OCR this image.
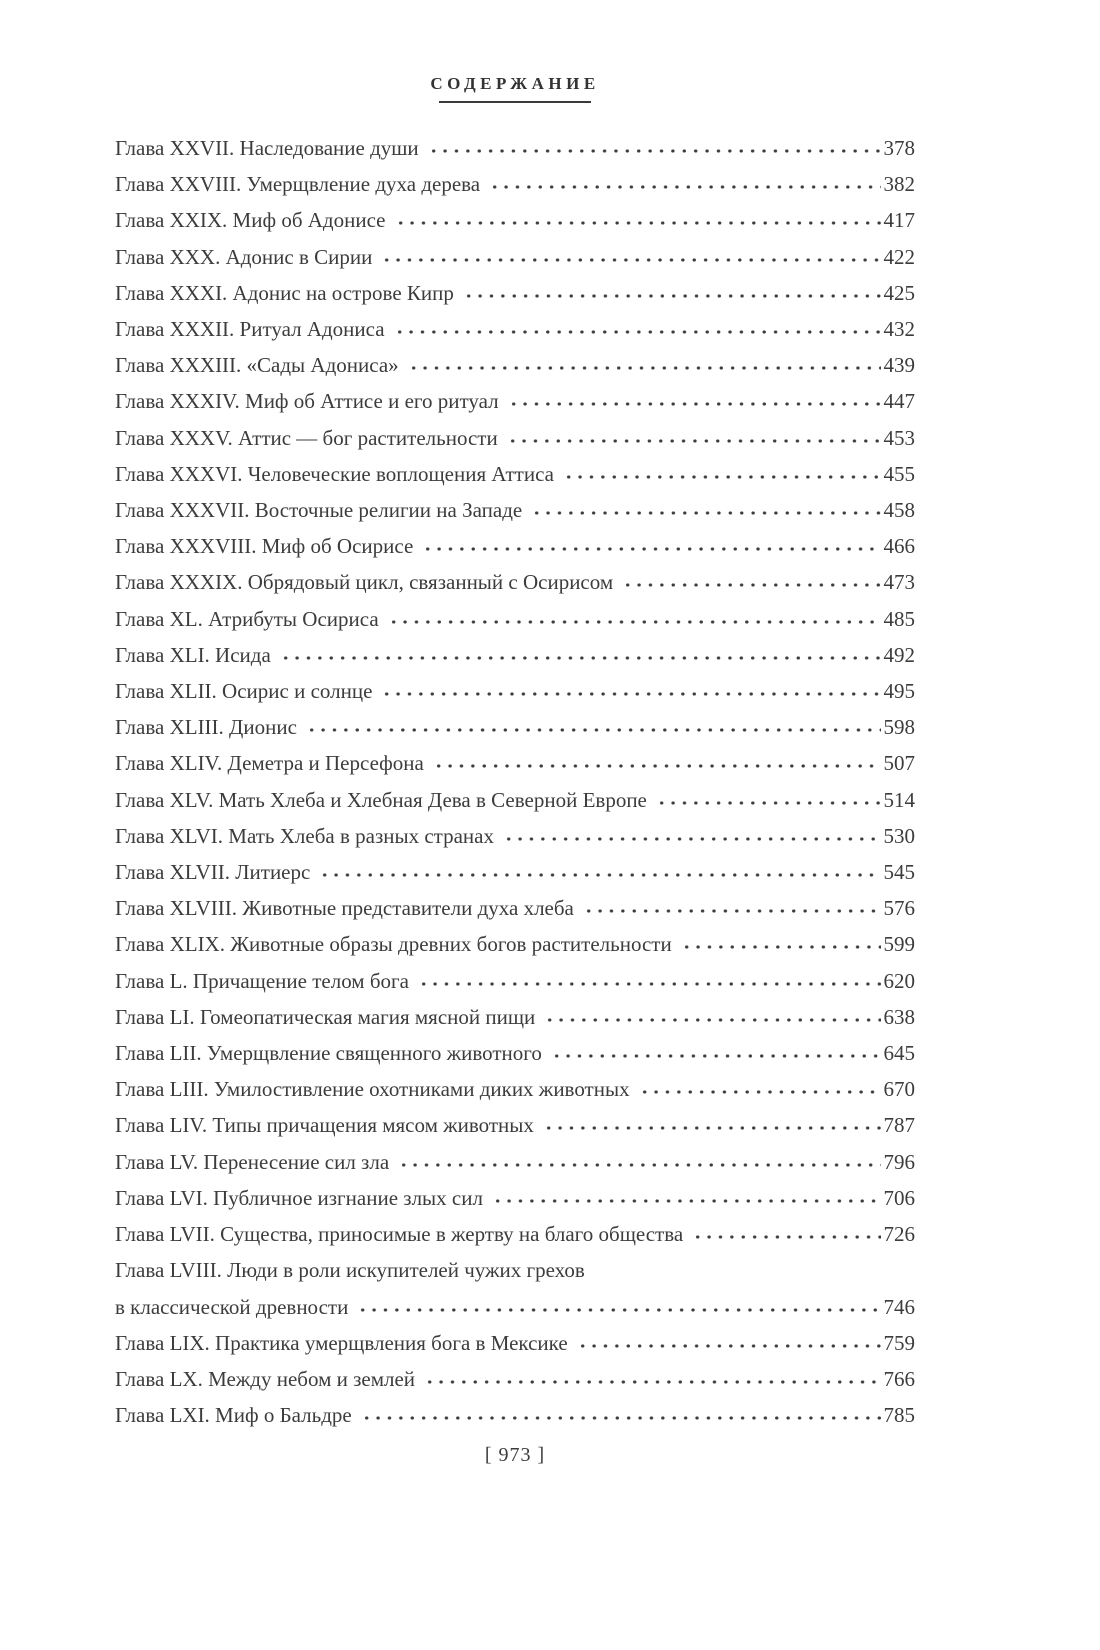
СОДЕРЖАНИЕ
Глава XXVII. Наследование души	378
Глава XXVIII. Умерщвление духа дерева	382
Глава XXIX. Миф об Адонисе	417
Глава XXX. Адонис в Сирии	422
Глава XXXI. Адонис на острове Кипр	425
Глава XXXII. Ритуал Адониса	432
Глава XXXIII. «Сады Адониса»	439
Глава XXXIV. Миф об Аттисе и его ритуал	447
Глава XXXV. Аттис — бог растительности	453
Глава XXXVI. Человеческие воплощения Аттиса	455
Глава XXXVII. Восточные религии на Западе	458
Глава XXXVIII. Миф об Осирисе	466
Глава XXXIX. Обрядовый цикл, связанный с Осирисом	473
Глава XL. Атрибуты Осириса	485
Глава XLI. Исида	492
Глава XLII. Осирис и солнце	495
Глава XLIII. Дионис	598
Глава XLIV. Деметра и Персефона	507
Глава XLV. Мать Хлеба и Хлебная Дева в Северной Европе	514
Глава XLVI. Мать Хлеба в разных странах	530
Глава XLVII. Литиерс	545
Глава XLVIII. Животные представители духа хлеба	576
Глава XLIX. Животные образы древних богов растительности	599
Глава L. Причащение телом бога	620
Глава LI. Гомеопатическая магия мясной пищи	638
Глава LII. Умерщвление священного животного	645
Глава LIII. Умилостивление охотниками диких животных	670
Глава LIV. Типы причащения мясом животных	787
Глава LV. Перенесение сил зла	796
Глава LVI. Публичное изгнание злых сил	706
Глава LVII. Существа, приносимые в жертву на благо общества	726
Глава LVIII. Люди в роли искупителей чужих грехов
в классической древности	746
Глава LIX. Практика умерщвления бога в Мексике	759
Глава LX. Между небом и землей	766
Глава LXI. Миф о Бальдре	785
[ 973 ]
